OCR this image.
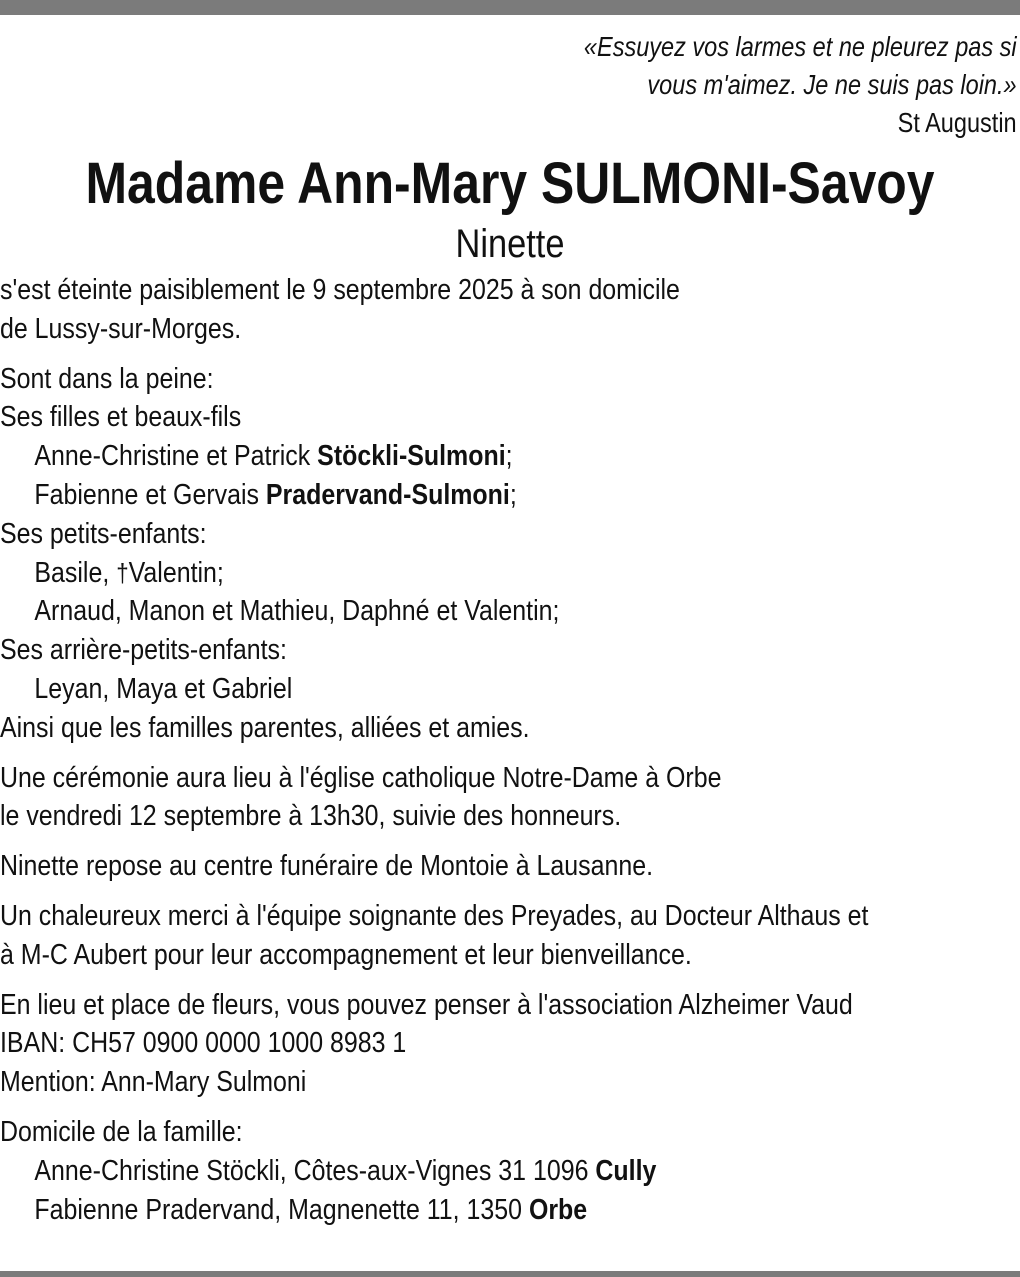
«Essuyez vos larmes et ne pleurez pas si
vous m'aimez. Je ne suis pas loin.»
St Augustin
Madame Ann-Mary SULMONI-Savoy
Ninette

s'est éteinte paisiblement le 9 septembre 2025 à son domicile
de Lussy-sur-Morges.

Sont dans la peine:
Ses filles et beaux-fils
Anne-Christine et Patrick Stöckli-Sulmoni;
Fabienne et Gervais Pradervand-Sulmoni;
Ses petits-enfants:
Basile, †Valentin;
Arnaud, Manon et Mathieu, Daphné et Valentin;
Ses arrière-petits-enfants:
Leyan, Maya et Gabriel
Ainsi que les familles parentes, alliées et amies.

Une cérémonie aura lieu à l'église catholique Notre-Dame à Orbe
le vendredi 12 septembre à 13h30, suivie des honneurs.

Ninette repose au centre funéraire de Montoie à Lausanne.

Un chaleureux merci à l'équipe soignante des Preyades, au Docteur Althaus et
à M-C Aubert pour leur accompagnement et leur bienveillance.

En lieu et place de fleurs, vous pouvez penser à l'association Alzheimer Vaud
IBAN: CH57 0900 0000 1000 8983 1
Mention: Ann-Mary Sulmoni

Domicile de la famille:
Anne-Christine Stöckli, Côtes-aux-Vignes 31 1096 Cully
Fabienne Pradervand, Magnenette 11, 1350 Orbe
